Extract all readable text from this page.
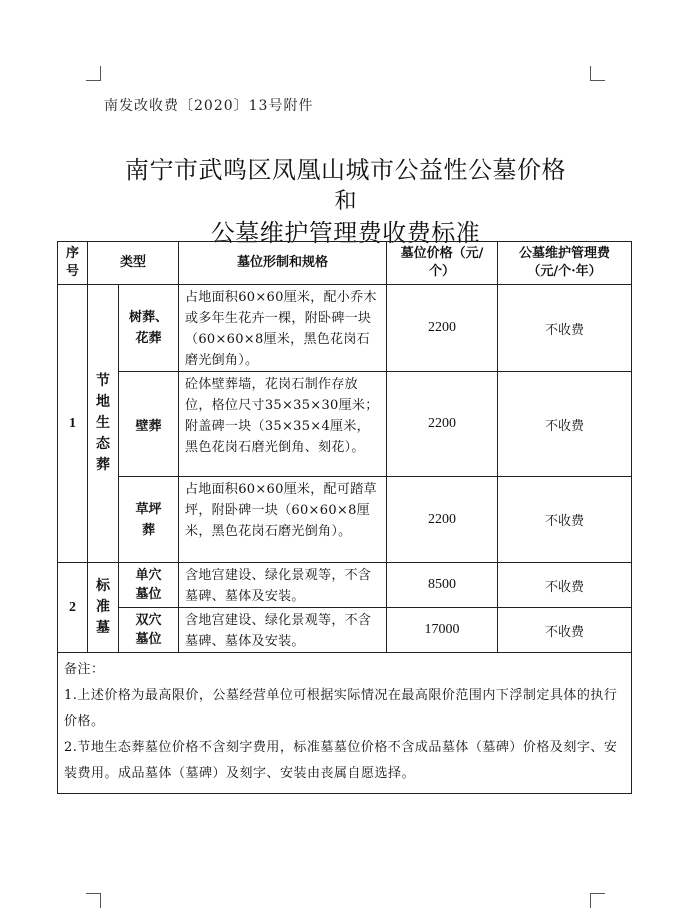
南发改收费〔2020〕13号附件
南宁市武鸣区凤凰山城市公益性公墓价格
和
公墓维护管理费收费标准
序号	类型		墓位形制和规格	墓位价格（元/个）	公墓维护管理费（元/个·年）
1	节地生态葬	树葬、花葬	占地面积60×60厘米，配小乔木或多年生花卉一棵，附卧碑一块（60×60×8厘米，黑色花岗石磨光倒角）。	2200	不收费
		壁葬	砼体壁葬墙，花岗石制作存放位，格位尺寸35×35×30厘米；附盖碑一块（35×35×4厘米，黑色花岗石磨光倒角、刻花）。	2200	不收费
		草坪葬	占地面积60×60厘米，配可踏草坪，附卧碑一块（60×60×8厘米，黑色花岗石磨光倒角）。	2200	不收费
2	标准墓	单穴墓位	含地宫建设、绿化景观等，不含墓碑、墓体及安装。	8500	不收费
		双穴墓位	含地宫建设、绿化景观等，不含墓碑、墓体及安装。	17000	不收费

备注：

1.上述价格为最高限价，公墓经营单位可根据实际情况在最高限价范围内下浮制定具体的执行价格。

2.节地生态葬墓位价格不含刻字费用，标准墓墓位价格不含成品墓体（墓碑）价格及刻字、安装费用。成品墓体（墓碑）及刻字、安装由丧属自愿选择。					
